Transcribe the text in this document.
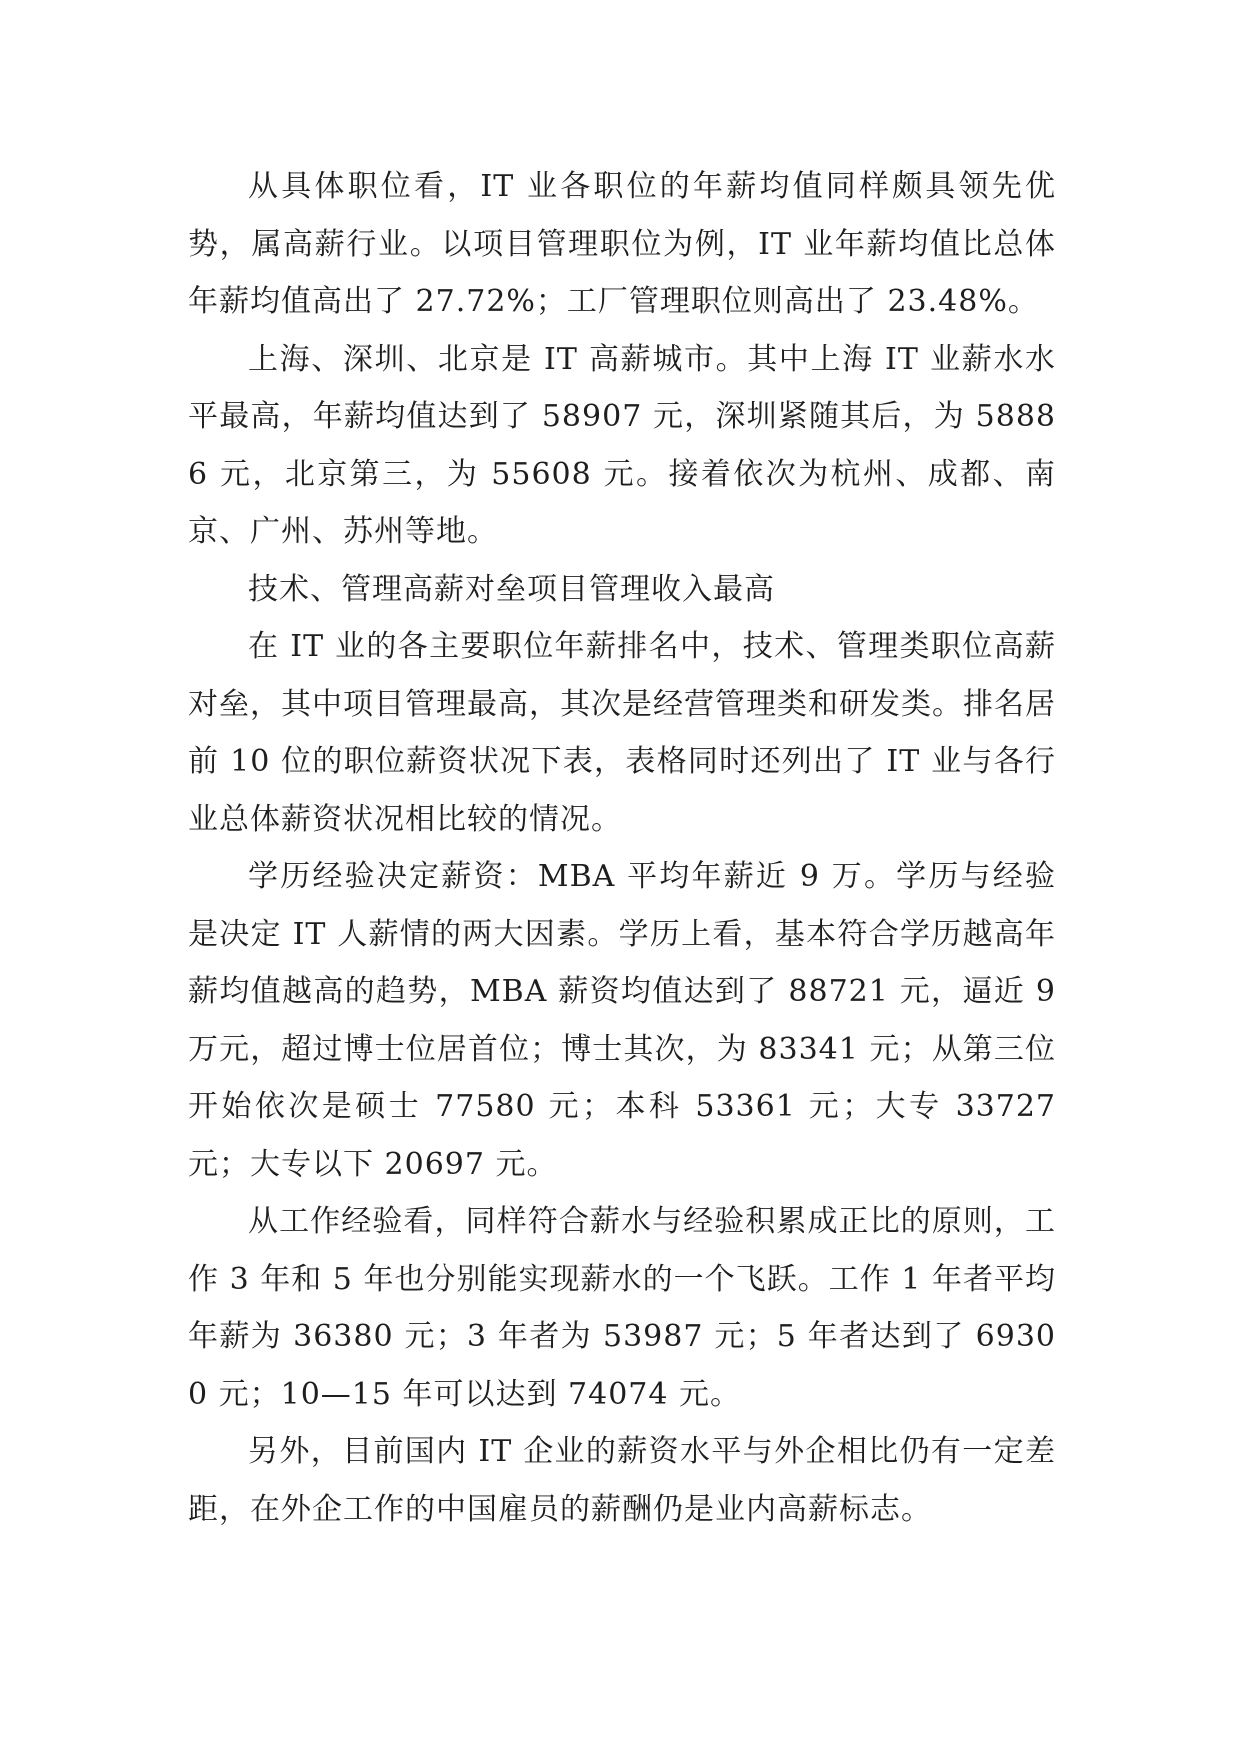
从具体职位看，IT 业各职位的年薪均值同样颇具领先优势，属高薪行业。以项目管理职位为例，IT 业年薪均值比总体年薪均值高出了 27.72%；工厂管理职位则高出了 23.48%。

上海、深圳、北京是 IT 高薪城市。其中上海 IT 业薪水水平最高，年薪均值达到了 58907 元，深圳紧随其后，为 58886 元，北京第三，为 55608 元。接着依次为杭州、成都、南京、广州、苏州等地。

技术、管理高薪对垒项目管理收入最高

在 IT 业的各主要职位年薪排名中，技术、管理类职位高薪对垒，其中项目管理最高，其次是经营管理类和研发类。排名居前 10 位的职位薪资状况下表，表格同时还列出了 IT 业与各行业总体薪资状况相比较的情况。

学历经验决定薪资：MBA 平均年薪近 9 万。学历与经验是决定 IT 人薪情的两大因素。学历上看，基本符合学历越高年薪均值越高的趋势，MBA 薪资均值达到了 88721 元，逼近 9 万元，超过博士位居首位；博士其次，为 83341 元；从第三位开始依次是硕士 77580 元；本科 53361 元；大专 33727 元；大专以下 20697 元。

从工作经验看，同样符合薪水与经验积累成正比的原则，工作 3 年和 5 年也分别能实现薪水的一个飞跃。工作 1 年者平均年薪为 36380 元；3 年者为 53987 元；5 年者达到了 69300 元；10—15 年可以达到 74074 元。

另外，目前国内 IT 企业的薪资水平与外企相比仍有一定差距，在外企工作的中国雇员的薪酬仍是业内高薪标志。
